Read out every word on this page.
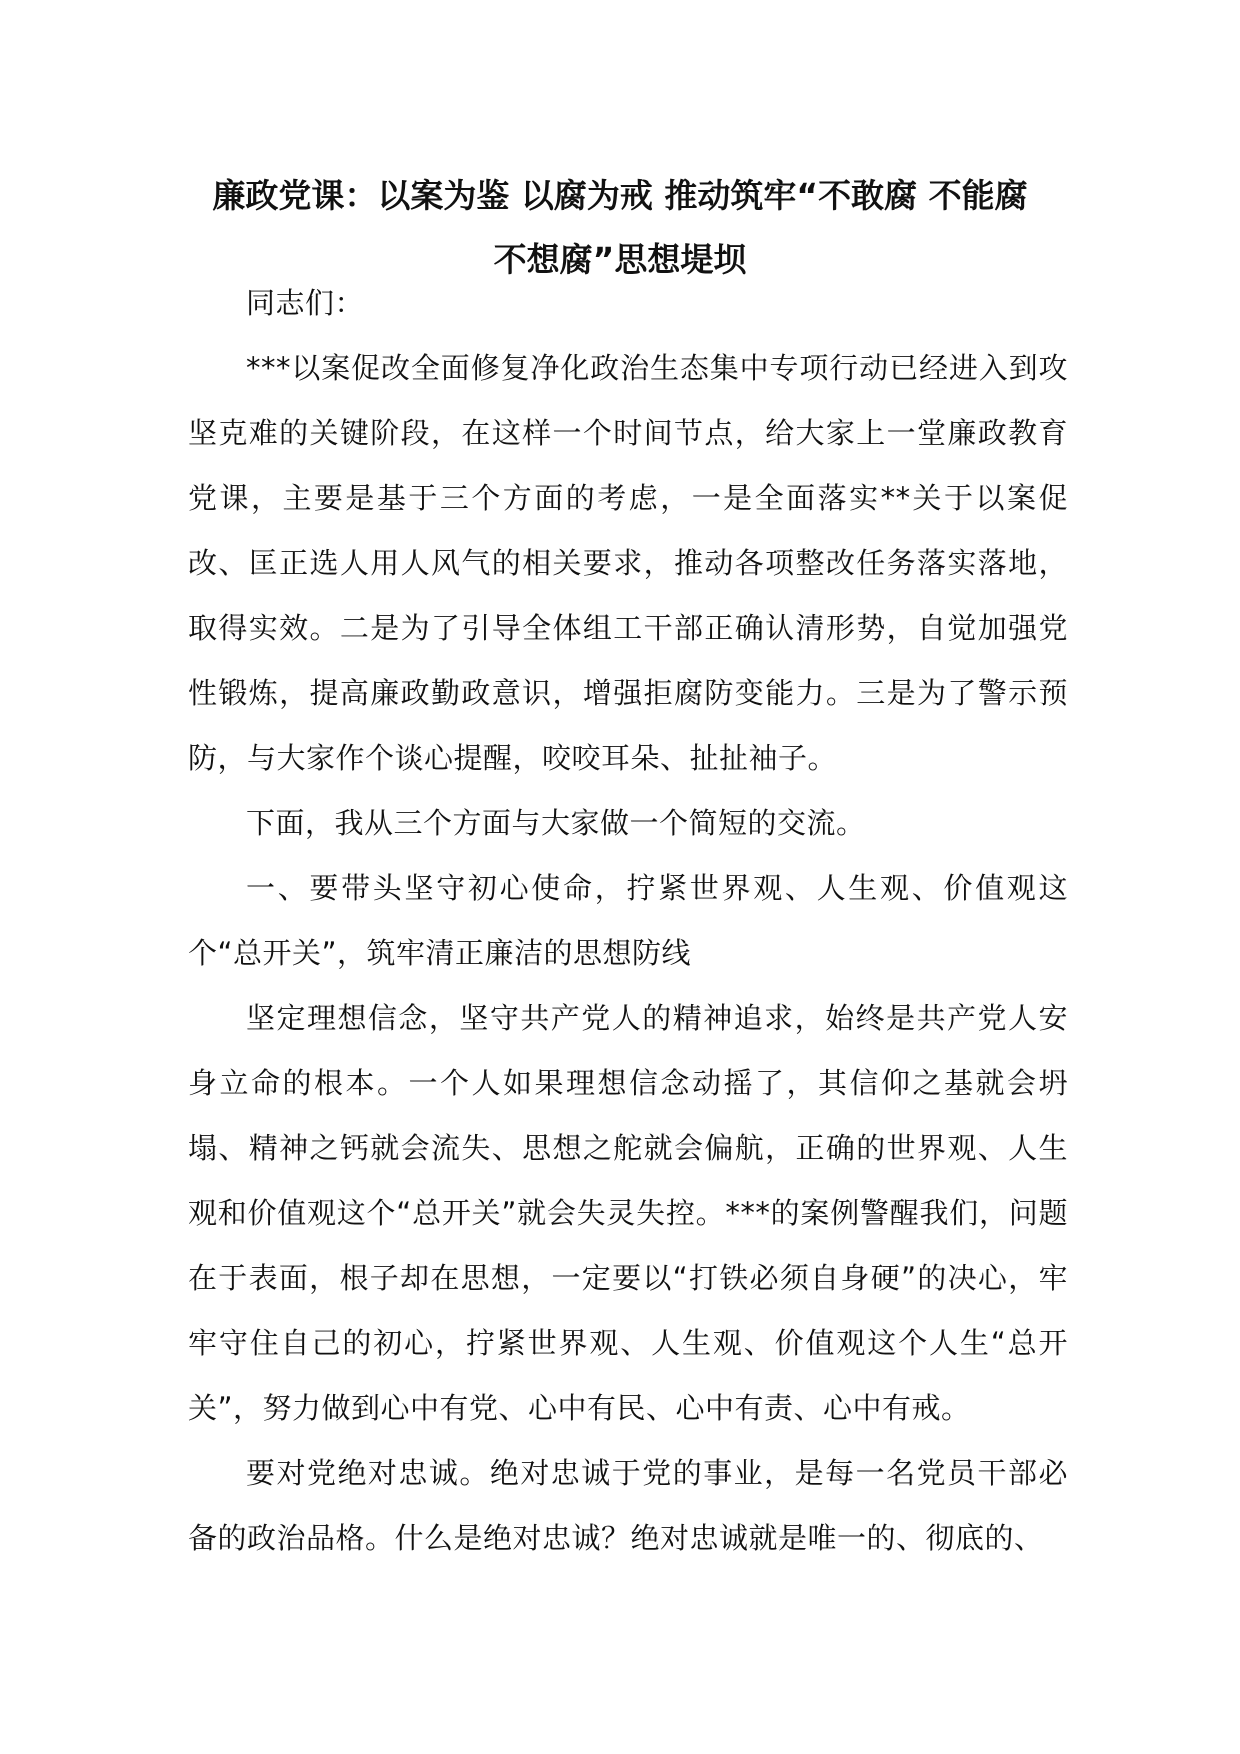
廉政党课：以案为鉴 以腐为戒 推动筑牢“不敢腐 不能腐
不想腐”思想堤坝

同志们：

***以案促改全面修复净化政治生态集中专项行动已经进入到攻坚克难的关键阶段，在这样一个时间节点，给大家上一堂廉政教育党课，主要是基于三个方面的考虑，一是全面落实**关于以案促改、匡正选人用人风气的相关要求，推动各项整改任务落实落地，取得实效。二是为了引导全体组工干部正确认清形势，自觉加强党性锻炼，提高廉政勤政意识，增强拒腐防变能力。三是为了警示预防，与大家作个谈心提醒，咬咬耳朵、扯扯袖子。

下面，我从三个方面与大家做一个简短的交流。

一、要带头坚守初心使命，拧紧世界观、人生观、价值观这个“总开关”，筑牢清正廉洁的思想防线

坚定理想信念，坚守共产党人的精神追求，始终是共产党人安身立命的根本。一个人如果理想信念动摇了，其信仰之基就会坍塌、精神之钙就会流失、思想之舵就会偏航，正确的世界观、人生观和价值观这个“总开关”就会失灵失控。***的案例警醒我们，问题在于表面，根子却在思想，一定要以“打铁必须自身硬”的决心，牢牢守住自己的初心，拧紧世界观、人生观、价值观这个人生“总开关”，努力做到心中有党、心中有民、心中有责、心中有戒。

要对党绝对忠诚。绝对忠诚于党的事业，是每一名党员干部必备的政治品格。什么是绝对忠诚？绝对忠诚就是唯一的、彻底的、
